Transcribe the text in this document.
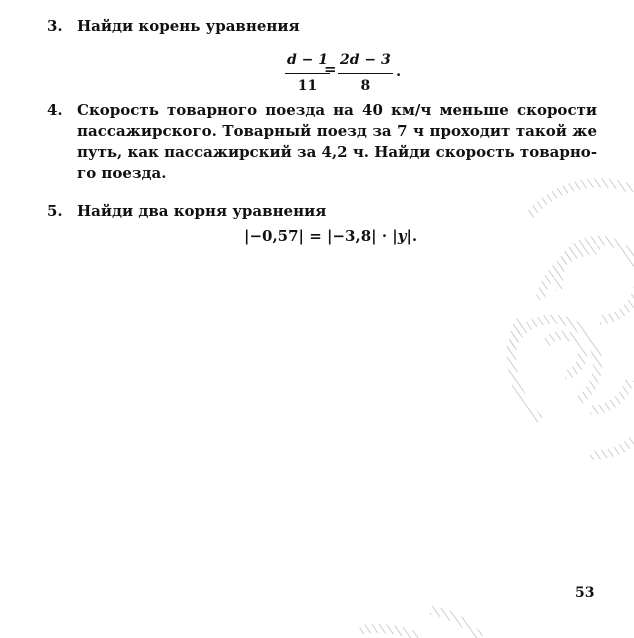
3. Найди корень уравнения
$\frac{d - 1}{11}$
= $\frac{2d - 3}{8}$ .
4. Скорость товарного поезда на 40 км/ч меньше скорости
пассажирского. Товарный поезд за 7 ч проходит такой же
путь, как пассажирский за 4,2 ч. Найди скорость товарно-
го поезда.
5. Найди два корня уравнения
|−0,57| = |−3,8| · |y|.
53
